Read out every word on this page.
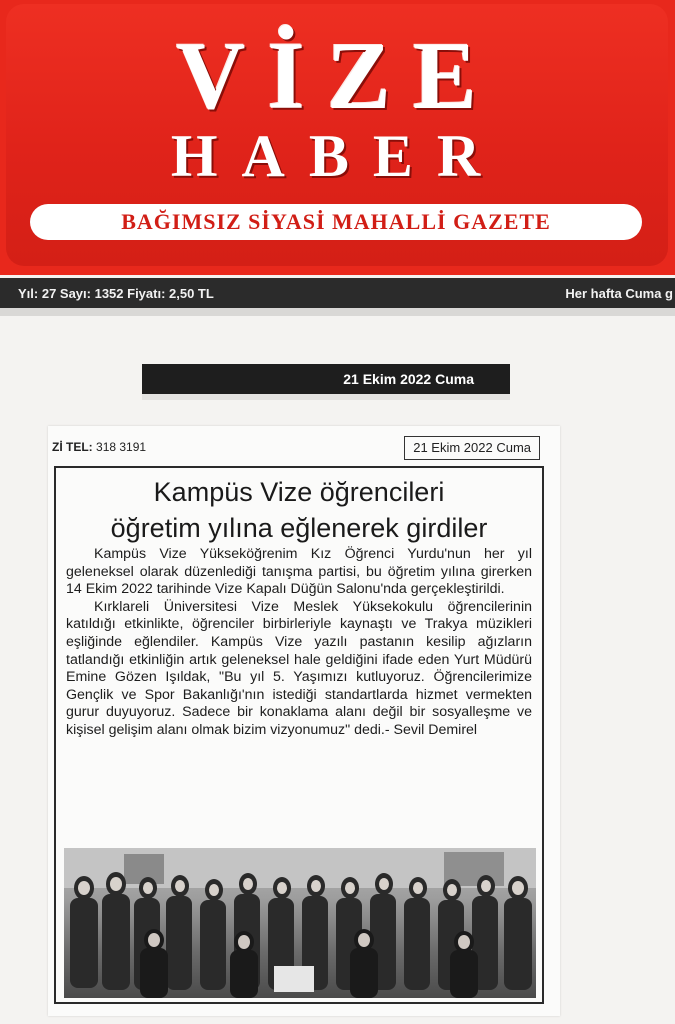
VİZE
HABER
BAĞIMSIZ SİYASİ MAHALLİ GAZETE
Yıl: 27 Sayı: 1352 Fiyatı: 2,50 TL	Her hafta Cuma g
21 Ekim 2022 Cuma
Zİ TEL: 318 3191	21 Ekim 2022 Cuma
Kampüs Vize öğrencileri
öğretim yılına eğlenerek girdiler

Kampüs Vize Yükseköğrenim Kız Öğrenci Yurdu'nun her yıl geleneksel olarak düzenlediği tanışma partisi, bu öğretim yılına girerken 14 Ekim 2022 tarihinde Vize Kapalı Düğün Salonu'nda gerçekleştirildi.

Kırklareli Üniversitesi Vize Meslek Yüksekokulu öğrencilerinin katıldığı etkinlikte, öğrenciler birbirleriyle kaynaştı ve Trakya müzikleri eşliğinde eğlendiler. Kampüs Vize yazılı pastanın kesilip ağızların tatlandığı etkinliğin artık geleneksel hale geldiğini ifade eden Yurt Müdürü Emine Gözen Işıldak, "Bu yıl 5. Yaşımızı kutluyoruz. Öğrencilerimize Gençlik ve Spor Bakanlığı'nın istediği standartlarda hizmet vermekten gurur duyuyoruz. Sadece bir konaklama alanı değil bir sosyalleşme ve kişisel gelişim alanı olmak bizim vizyonumuz" dedi.- Sevil Demirel
